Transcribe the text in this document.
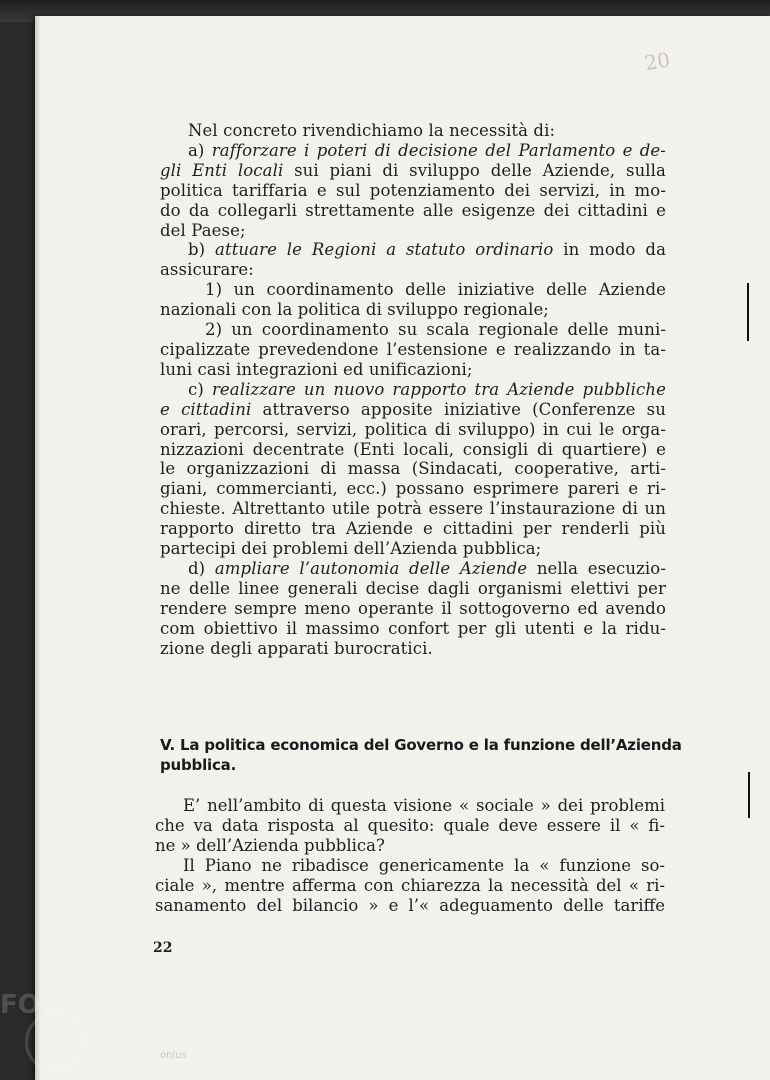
20
Nel concreto rivendichiamo la necessità di:
a) rafforzare i poteri di decisione del Parlamento e de-
gli Enti locali sui piani di sviluppo delle Aziende, sulla
politica tariffaria e sul potenziamento dei servizi, in mo-
do da collegarli strettamente alle esigenze dei cittadini e
del Paese;
b) attuare le Regioni a statuto ordinario in modo da
assicurare:
1) un coordinamento delle iniziative delle Aziende
nazionali con la politica di sviluppo regionale;
2) un coordinamento su scala regionale delle muni-
cipalizzate prevedendone l’estensione e realizzando in ta-
luni casi integrazioni ed unificazioni;
c) realizzare un nuovo rapporto tra Aziende pubbliche
e cittadini attraverso apposite iniziative (Conferenze su
orari, percorsi, servizi, politica di sviluppo) in cui le orga-
nizzazioni decentrate (Enti locali, consigli di quartiere) e
le organizzazioni di massa (Sindacati, cooperative, arti-
giani, commercianti, ecc.) possano esprimere pareri e ri-
chieste. Altrettanto utile potrà essere l’instaurazione di un
rapporto diretto tra Aziende e cittadini per renderli più
partecipi dei problemi dell’Azienda pubblica;
d) ampliare l’autonomia delle Aziende nella esecuzio-
ne delle linee generali decise dagli organismi elettivi per
rendere sempre meno operante il sottogoverno ed avendo
com obiettivo il massimo confort per gli utenti e la ridu-
zione degli apparati burocratici.
V. La politica economica del Governo e la funzione dell’Azienda
pubblica.
E’ nell’ambito di questa visione « sociale » dei problemi
che va data risposta al quesito: quale deve essere il « fi-
ne » dell’Azienda pubblica?
Il Piano ne ribadisce genericamente la « funzione so-
ciale », mentre afferma con chiarezza la necessità del « ri-
sanamento del bilancio » e l’« adeguamento delle tariffe
22
FO
onlus
